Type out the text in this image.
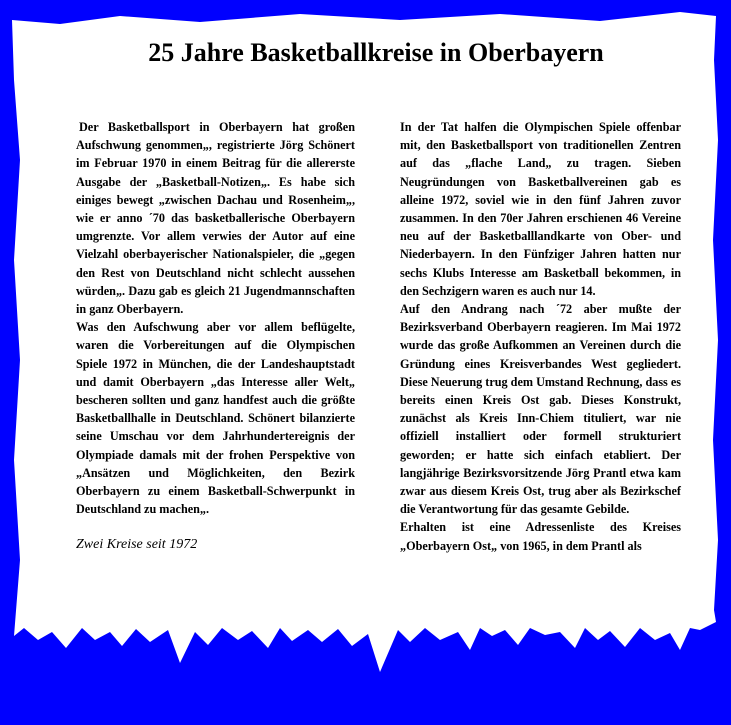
25 Jahre Basketballkreise in Oberbayern

Der Basketballsport in Oberbayern hat großen Aufschwung genommen„, registrierte Jörg Schönert im Februar 1970 in einem Beitrag für die allererste Ausgabe der „Basketball-Notizen„. Es habe sich einiges bewegt „zwischen Dachau und Rosenheim„, wie er anno ´70 das basketballerische Oberbayern umgrenzte. Vor allem verwies der Autor auf eine Vielzahl oberbayerischer Nationalspieler, die „gegen den Rest von Deutschland nicht schlecht aussehen würden„. Dazu gab es gleich 21 Jugendmannschaften in ganz Oberbayern.

Was den Aufschwung aber vor allem beflügelte, waren die Vorbereitungen auf die Olympischen Spiele 1972 in München, die der Landeshauptstadt und damit Oberbayern „das Interesse aller Welt„ bescheren sollten und ganz handfest auch die größte Basketballhalle in Deutschland. Schönert bilanzierte seine Umschau vor dem Jahrhundertereignis der Olympiade damals mit der frohen Perspektive von „Ansätzen und Möglichkeiten, den Bezirk Oberbayern zu einem Basketball-Schwerpunkt in Deutschland zu machen„.

Zwei Kreise seit 1972

In der Tat halfen die Olympischen Spiele offenbar mit, den Basketballsport von traditionellen Zentren auf das „flache Land„ zu tragen. Sieben Neugründungen von Basketballvereinen gab es alleine 1972, soviel wie in den fünf Jahren zuvor zusammen. In den 70er Jahren erschienen 46 Vereine neu auf der Basketballlandkarte von Ober- und Niederbayern. In den Fünfziger Jahren hatten nur sechs Klubs Interesse am Basketball bekommen, in den Sechzigern waren es auch nur 14.

Auf den Andrang nach ´72 aber mußte der Bezirksverband Oberbayern reagieren. Im Mai 1972 wurde das große Aufkommen an Vereinen durch die Gründung eines Kreisverbandes West gegliedert. Diese Neuerung trug dem Umstand Rechnung, dass es bereits einen Kreis Ost gab. Dieses Konstrukt, zunächst als Kreis Inn-Chiem tituliert, war nie offiziell installiert oder formell strukturiert geworden; er hatte sich einfach etabliert. Der langjährige Bezirksvorsitzende Jörg Prantl etwa kam zwar aus diesem Kreis Ost, trug aber als Bezirkschef die Verantwortung für das gesamte Gebilde.

Erhalten ist eine Adressenliste des Kreises „Oberbayern Ost„ von 1965, in dem Prantl als
